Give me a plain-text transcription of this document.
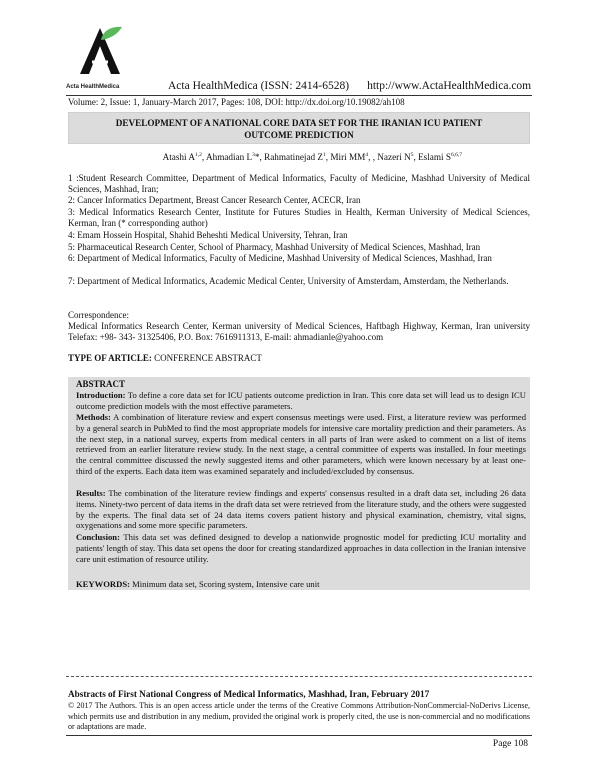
Acta HealthMedica	Acta HealthMedica (ISSN: 2414-6528) http://www.ActaHealthMedica.com
Volume: 2, Issue: 1, January-March 2017, Pages: 108, DOI: http://dx.doi.org/10.19082/ah108
DEVELOPMENT OF A NATIONAL CORE DATA SET FOR THE IRANIAN ICU PATIENT
OUTCOME PREDICTION
Atashi A$^{1,2}$, Ahmadian $L^3*$, Rahmatinejad $Z^1$, Miri $MM^4$, , Nazeri $N^5$, Eslami S$^{6,6,7}$
1 :Student Research Committee, Department of Medical Informatics, Faculty of Medicine, Mashhad University of Medical Sciences, Mashhad, Iran;
2: Cancer Informatics Department, Breast Cancer Research Center, ACECR, Iran
3: Medical Informatics Research Center, Institute for Futures Studies in Health, Kerman University of Medical Sciences, Kerman, Iran (* corresponding author)
4: Emam Hossein Hospital, Shahid Beheshti Medical University, Tehran, Iran
5: Pharmaceutical Research Center, School of Pharmacy, Mashhad University of Medical Sciences, Mashhad, Iran
6: Department of Medical Informatics, Faculty of Medicine, Mashhad University of Medical Sciences, Mashhad, Iran
7: Department of Medical Informatics, Academic Medical Center, University of Amsterdam, Amsterdam, the Netherlands.
Correspondence:
Medical Informatics Research Center, Kerman university of Medical Sciences, Haftbagh Highway, Kerman, Iran university Telefax: +98- 343- 31325406, P.O. Box: 7616911313, E-mail: ahmadianle@yahoo.com
TYPE OF ARTICLE: CONFERENCE ABSTRACT
ABSTRACT
Introduction: To define a core data set for ICU patients outcome prediction in Iran. This core data set will lead us to design ICU outcome prediction models with the most effective parameters.
Methods: A combination of literature review and expert consensus meetings were used. First, a literature review was performed by a general search in PubMed to find the most appropriate models for intensive care mortality prediction and their parameters. As the next step, in a national survey, experts from medical centers in all parts of Iran were asked to comment on a list of items retrieved from an earlier literature review study. In the next stage, a central committee of experts was installed. In four meetings the central committee discussed the newly suggested items and other parameters, which were known necessary by at least one-third of the experts. Each data item was examined separately and included/excluded by consensus.
Results: The combination of the literature review findings and experts' consensus resulted in a draft data set, including 26 data items. Ninety-two percent of data items in the draft data set were retrieved from the literature study, and the others were suggested by the experts. The final data set of 24 data items covers patient history and physical examination, chemistry, vital signs, oxygenations and some more specific parameters.
Conclusion: This data set was defined designed to develop a nationwide prognostic model for predicting ICU mortality and patients' length of stay. This data set opens the door for creating standardized approaches in data collection in the Iranian intensive care unit estimation of resource utility.
KEYWORDS: Minimum data set, Scoring system, Intensive care unit
Abstracts of First National Congress of Medical Informatics, Mashhad, Iran, February 2017
© 2017 The Authors. This is an open access article under the terms of the Creative Commons Attribution-NonCommercial-NoDerivs License, which permits use and distribution in any medium, provided the original work is properly cited, the use is non-commercial and no modifications or adaptations are made.
Page 108
